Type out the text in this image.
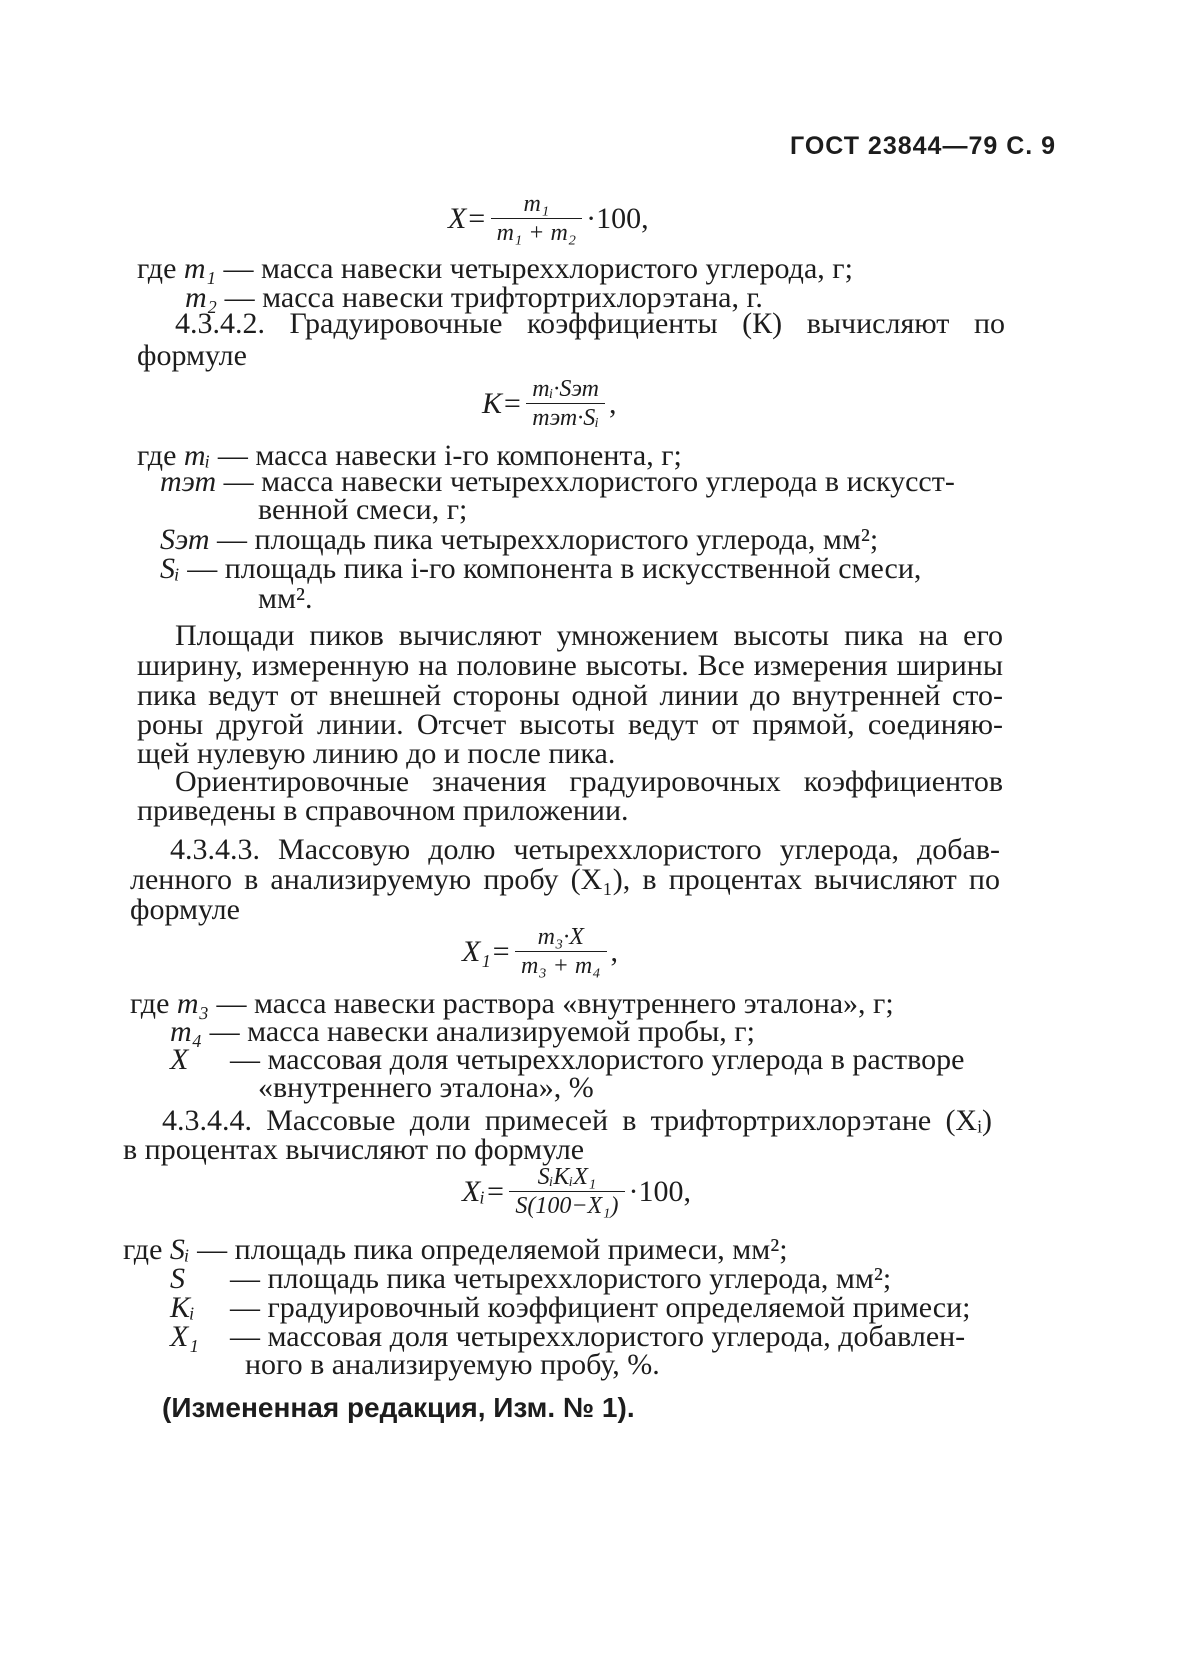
ГОСТ 23844—79 С. 9
$X= \frac{\text{m₁}}{\text{m₁ + m₂}} \cdot 100$,
где m₁ — масса навески четыреххлористого углерода, г;
m₂ — масса навески трифтортрихлорэтана, г.
4.3.4.2. Градуировочные коэффициенты (К) вычисляют по
формуле
$K= \frac{\text{mᵢ·Sэт}}{\text{mэт·Sᵢ}}$ ,
где mᵢ — масса навески i-го компонента, г;
mэт — масса навески четыреххлористого углерода в искусст-
венной смеси, г;
Sэт — площадь пика четыреххлористого углерода, мм²;
Sᵢ — площадь пика i-го компонента в искусственной смеси,
мм².
Площади пиков вычисляют умножением высоты пика на его
ширину, измеренную на половине высоты. Все измерения ширины
пика ведут от внешней стороны одной линии до внутренней сто-
роны другой линии. Отсчет высоты ведут от прямой, соединяю-
щей нулевую линию до и после пика.
Ориентировочные значения градуировочных коэффициентов
приведены в справочном приложении.
4.3.4.3. Массовую долю четыреххлористого углерода, добав-
ленного в анализируемую пробу (X₁), в процентах вычисляют по
формуле
$X_1= \frac{\text{m₃·X}}{\text{m₃ + m₄}}$ ,
где m₃ — масса навески раствора «внутреннего эталона», г;
m₄ — масса навески анализируемой пробы, г;
X — массовая доля четыреххлористого углерода в растворе
«внутреннего эталона», %
4.3.4.4. Массовые доли примесей в трифтортрихлорэтане (Xᵢ)
в процентах вычисляют по формуле
Xᵢ= $\frac{\text{SᵢKᵢX₁}}{\text{S(100−X₁)}} \cdot 100$,
где Sᵢ — площадь пика определяемой примеси, мм²;
S — площадь пика четыреххлористого углерода, мм²;
Kᵢ — градуировочный коэффициент определяемой примеси;
X₁ — массовая доля четыреххлористого углерода, добавлен-
ного в анализируемую пробу, %.
(Измененная редакция, Изм. № 1).
